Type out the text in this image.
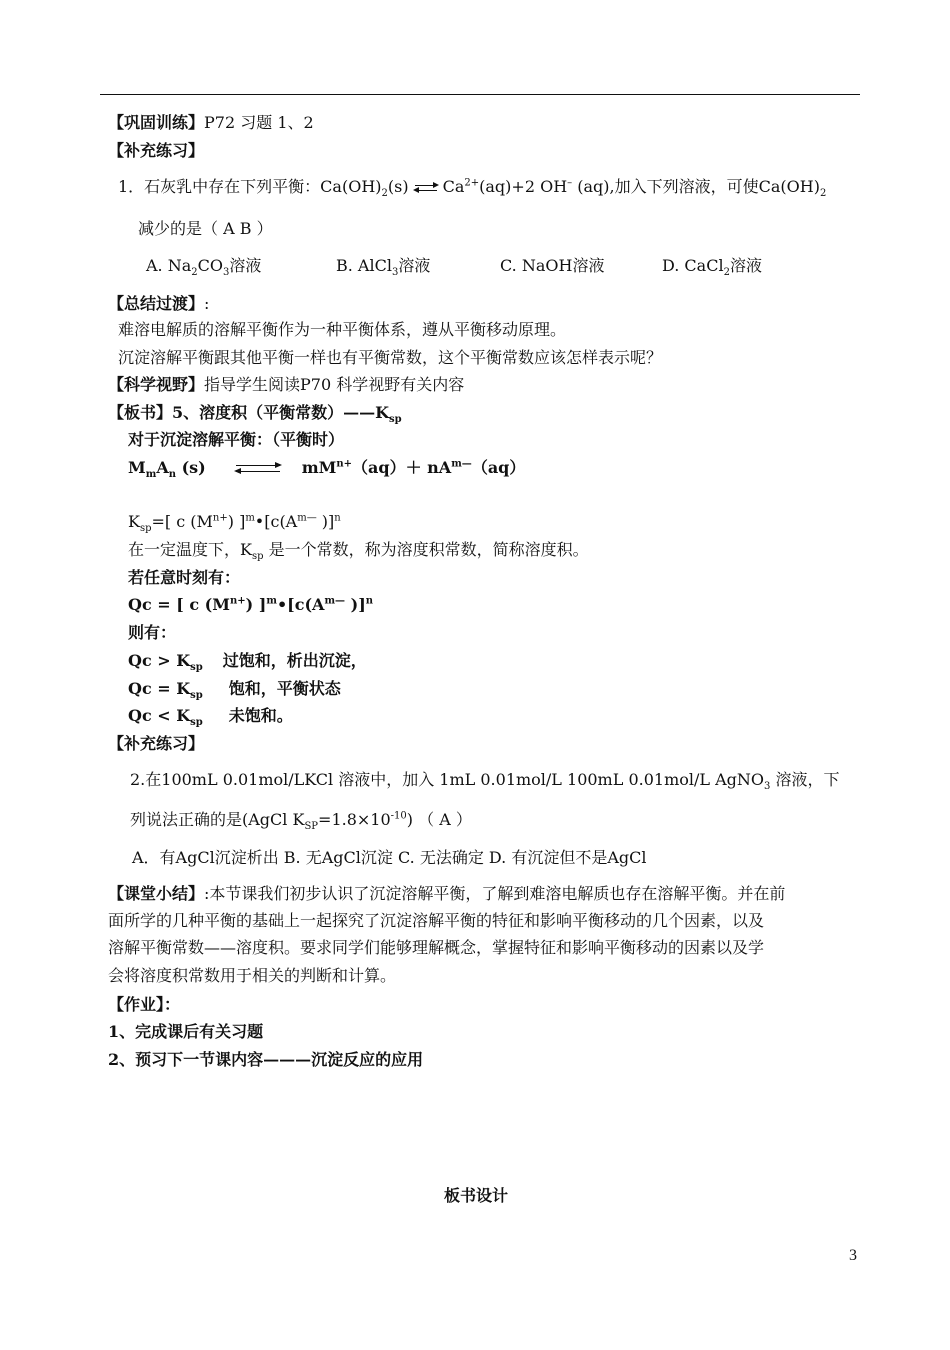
【巩固训练】P72 习题 1、2
【补充练习】
1．石灰乳中存在下列平衡：$Ca(OH)_2(s)$ $Ca^{2+}(aq)+2$ OH– (aq),加入下列溶液，可使$Ca(OH)_2$
减少的是（ A B ）
A. $Na_2CO_3$溶液	B. AlCl$_3$溶液	C. NaOH溶液	D. CaCl$_2$溶液
【总结过渡】:
难溶电解质的溶解平衡作为一种平衡体系，遵从平衡移动原理。
沉淀溶解平衡跟其他平衡一样也有平衡常数，这个平衡常数应该怎样表示呢？
【科学视野】指导学生阅读P70 科学视野有关内容
【板书】5、溶度积（平衡常数）$——K_{sp}$
对于沉淀溶解平衡：（平衡时）
$M_mA_n$ (s)	$mM^{n+}(aq)+ nA^{m—}(aq)$
$K_{sp}=$[ c $(M^{n+})$ ]$^m•[c(A^{m—}$ )]$^n$
在一定温度下，$K_{sp}$ 是一个常数，称为溶度积常数，简称溶度积。
若任意时刻有：
Qc = [ c $(M^{n+})$ ]$^m•[c(A^{m—}$ )]$^n$
则有：
$Qc > K_{sp}$ 过饱和，析出沉淀，
$Qc = K_{sp}$ 饱和，平衡状态
$Qc < K_{sp}$ 未饱和。
【补充练习】
2.在100mL 0.01mol/LKCl 溶液中，加入 1mL 0.01mol/L 100mL 0.01mol/L AgNO$_3$ 溶液，下
列说法正确的是(AgCl $K_{SP}=1.8\times 10^{-10}$) （ A ）
A．有AgCl沉淀析出 B. 无AgCl沉淀 C. 无法确定 D. 有沉淀但不是AgCl
【课堂小结】:本节课我们初步认识了沉淀溶解平衡，了解到难溶电解质也存在溶解平衡。并在前
面所学的几种平衡的基础上一起探究了沉淀溶解平衡的特征和影响平衡移动的几个因素，以及
溶解平衡常数——溶度积。要求同学们能够理解概念，掌握特征和影响平衡移动的因素以及学
会将溶度积常数用于相关的判断和计算。
【作业】：
1、完成课后有关习题
2、预习下一节课内容———沉淀反应的应用
板书设计
3
